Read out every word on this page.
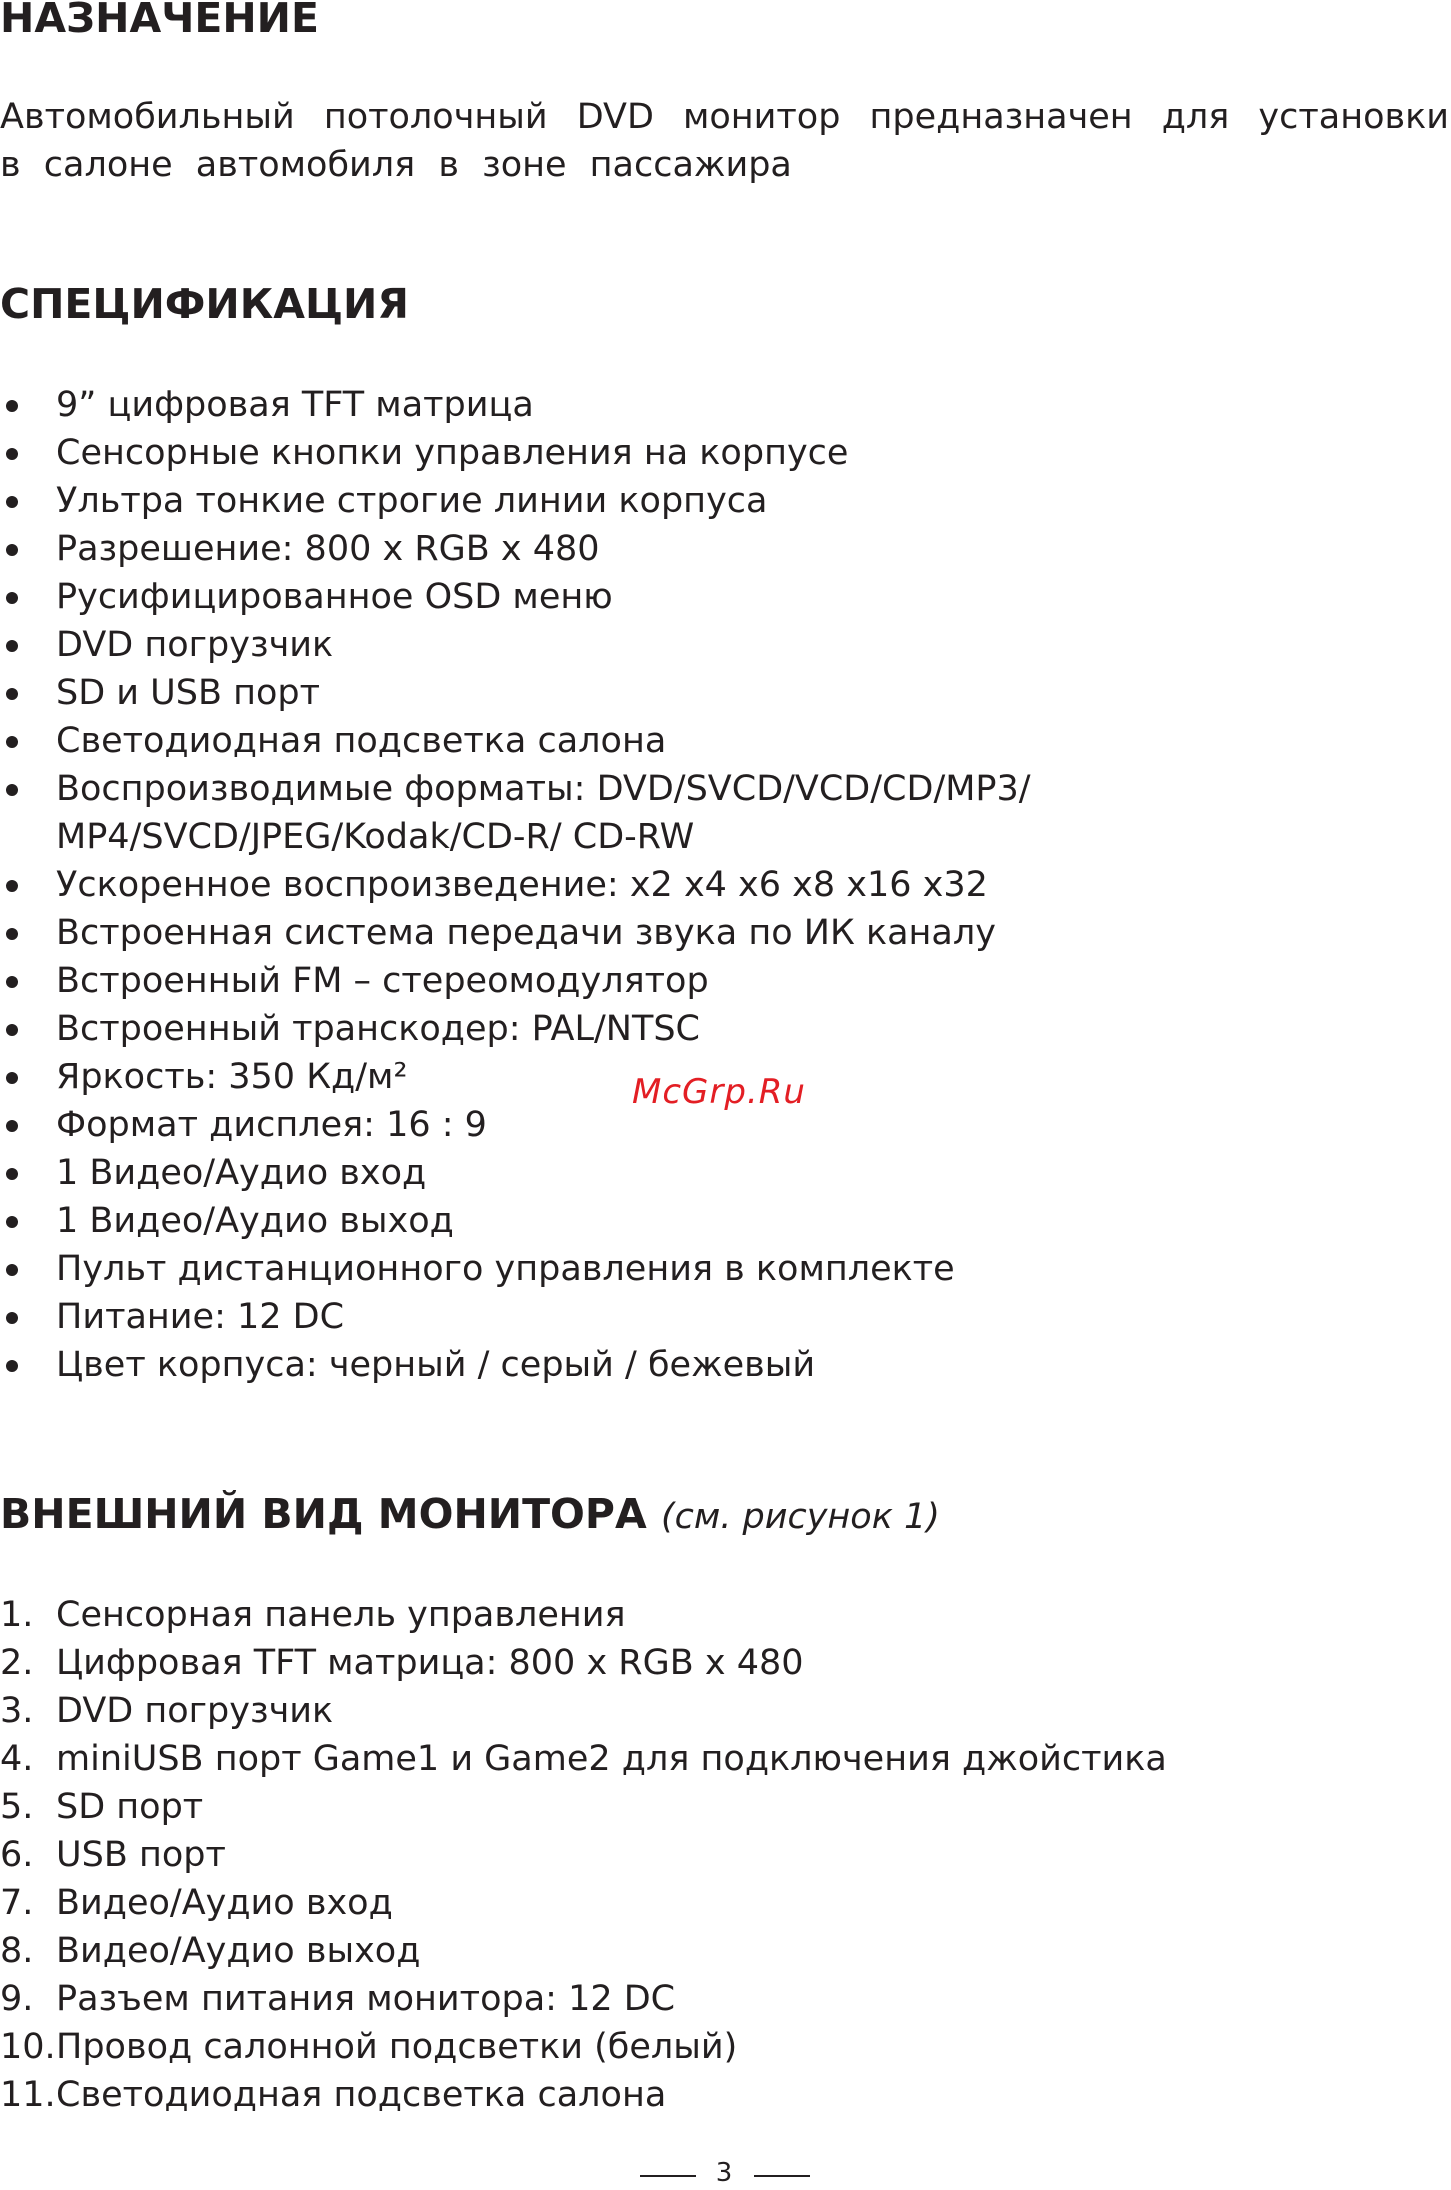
НАЗНАЧЕНИЕ

Автомобильный потолочный DVD монитор предназначен для установки в салоне автомобиля в зоне пассажира

СПЕЦИФИКАЦИЯ
9” цифровая TFT матрица
Сенсорные кнопки управления на корпусе
Ультра тонкие строгие линии корпуса
Разрешение: 800 х RGB х 480
Русифицированное OSD меню
DVD погрузчик
SD и USB порт
Светодиодная подсветка салона
Воспроизводимые форматы: DVD/SVCD/VCD/CD/MP3/ MP4/SVCD/JPEG/Kodak/CD-R/ CD-RW
Ускоренное воспроизведение: х2 х4 х6 х8 х16 х32
Встроенная система передачи звука по ИК каналу
Встроенный FM – стереомодулятор
Встроенный транскодер: PAL/NTSC
Яркость: 350 Кд/м²
Формат дисплея: 16 : 9
1 Видео/Аудио вход
1 Видео/Аудио выход
Пульт дистанционного управления в комплекте
Питание: 12 DC
Цвет корпуса: черный / серый / бежевый
ВНЕШНИЙ ВИД МОНИТОРА (см. рисунок 1)
1. Сенсорная панель управления
2. Цифровая TFT матрица: 800 х RGB х 480
3. DVD погрузчик
4. miniUSB порт Game1 и Game2 для подключения джойстика
5. SD порт
6. USB порт
7. Видео/Аудио вход
8. Видео/Аудио выход
9. Разъем питания монитора: 12 DC
10. Провод салонной подсветки (белый)
11. Светодиодная подсветка салона
McGrp.Ru
3
